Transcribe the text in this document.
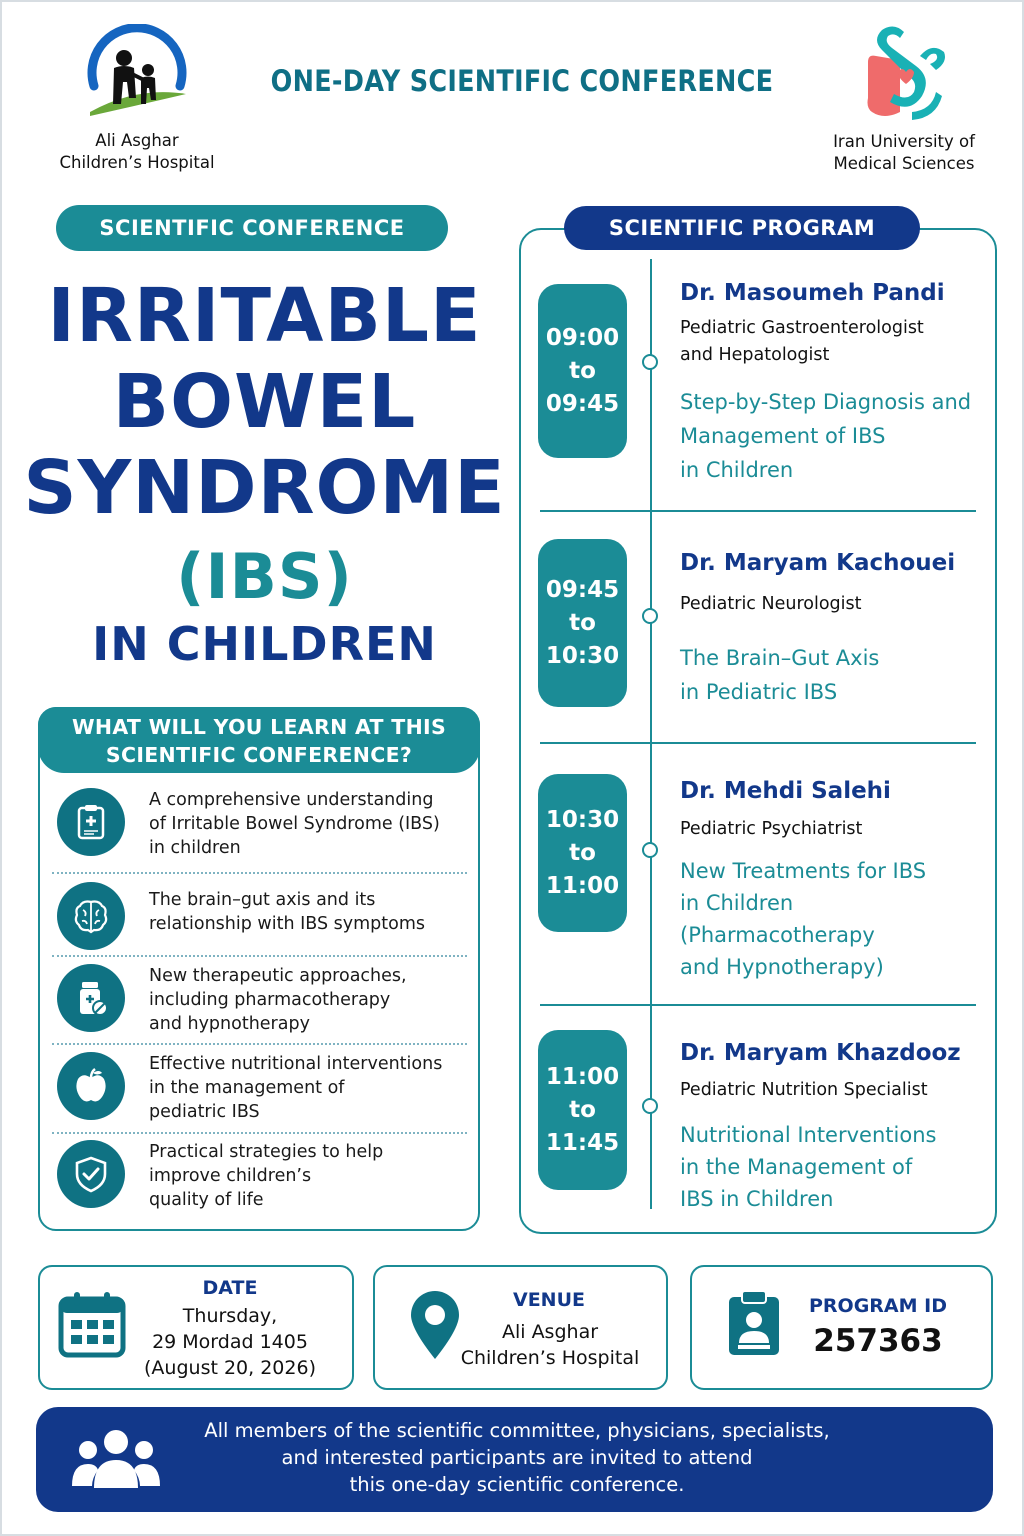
Ali Asghar
Children’s Hospital
ONE-DAY SCIENTIFIC CONFERENCE
Iran University of
Medical Sciences
SCIENTIFIC CONFERENCE
IRRITABLE
BOWEL
SYNDROME
(IBS)
IN CHILDREN
WHAT WILL YOU LEARN AT THIS
SCIENTIFIC CONFERENCE?
A comprehensive understanding
of Irritable Bowel Syndrome (IBS)
in children
The brain–gut axis and its
relationship with IBS symptoms
New therapeutic approaches,
including pharmacotherapy
and hypnotherapy
Effective nutritional interventions
in the management of
pediatric IBS
Practical strategies to help
improve children’s
quality of life
SCIENTIFIC PROGRAM
09:00
to
09:45
Dr. Masoumeh Pandi
Pediatric Gastroenterologist
and Hepatologist
Step-by-Step Diagnosis and
Management of IBS
in Children
09:45
to
10:30
Dr. Maryam Kachouei
Pediatric Neurologist
The Brain–Gut Axis
in Pediatric IBS
10:30
to
11:00
Dr. Mehdi Salehi
Pediatric Psychiatrist
New Treatments for IBS
in Children
(Pharmacotherapy
and Hypnotherapy)
11:00
to
11:45
Dr. Maryam Khazdooz
Pediatric Nutrition Specialist
Nutritional Interventions
in the Management of
IBS in Children
DATE
Thursday,
29 Mordad 1405
(August 20, 2026)
VENUE
Ali Asghar
Children’s Hospital
PROGRAM ID
257363
All members of the scientific committee, physicians, specialists,
and interested participants are invited to attend
this one-day scientific conference.
